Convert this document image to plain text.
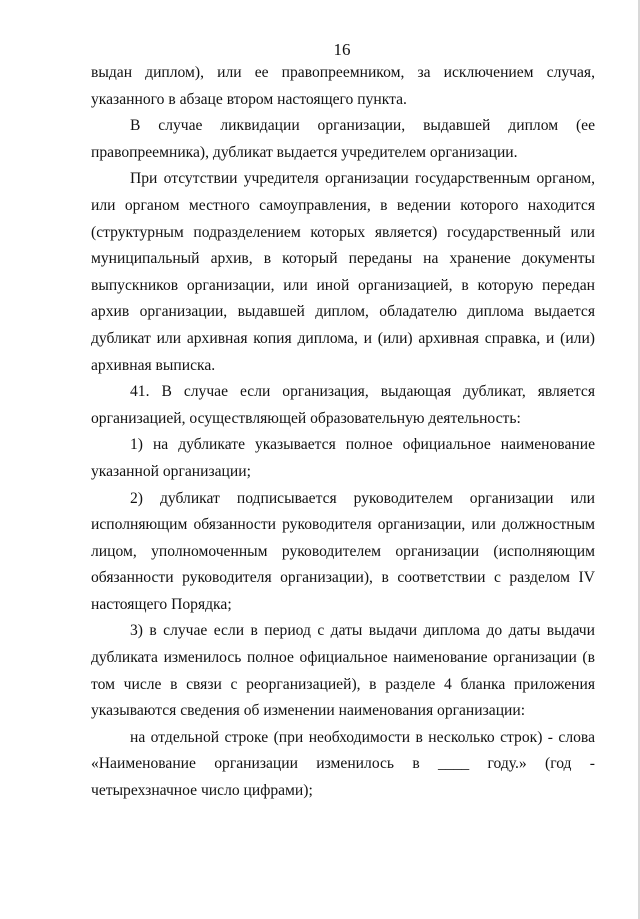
16

выдан диплом), или ее правопреемником, за исключением случая, указанного в абзаце втором настоящего пункта.

В случае ликвидации организации, выдавшей диплом (ее правопреемника), дубликат выдается учредителем организации.

При отсутствии учредителя организации государственным органом, или органом местного самоуправления, в ведении которого находится (структурным подразделением которых является) государственный или муниципальный архив, в который переданы на хранение документы выпускников организации, или иной организацией, в которую передан архив организации, выдавшей диплом, обладателю диплома выдается дубликат или архивная копия диплома, и (или) архивная справка, и (или) архивная выписка.

41. В случае если организация, выдающая дубликат, является организацией, осуществляющей образовательную деятельность:

1) на дубликате указывается полное официальное наименование указанной организации;

2) дубликат подписывается руководителем организации или исполняющим обязанности руководителя организации, или должностным лицом, уполномоченным руководителем организации (исполняющим обязанности руководителя организации), в соответствии с разделом IV настоящего Порядка;

3) в случае если в период с даты выдачи диплома до даты выдачи дубликата изменилось полное официальное наименование организации (в том числе в связи с реорганизацией), в разделе 4 бланка приложения указываются сведения об изменении наименования организации:

на отдельной строке (при необходимости в несколько строк) - слова «Наименование организации изменилось в ____ году.» (год - четырехзначное число цифрами);
